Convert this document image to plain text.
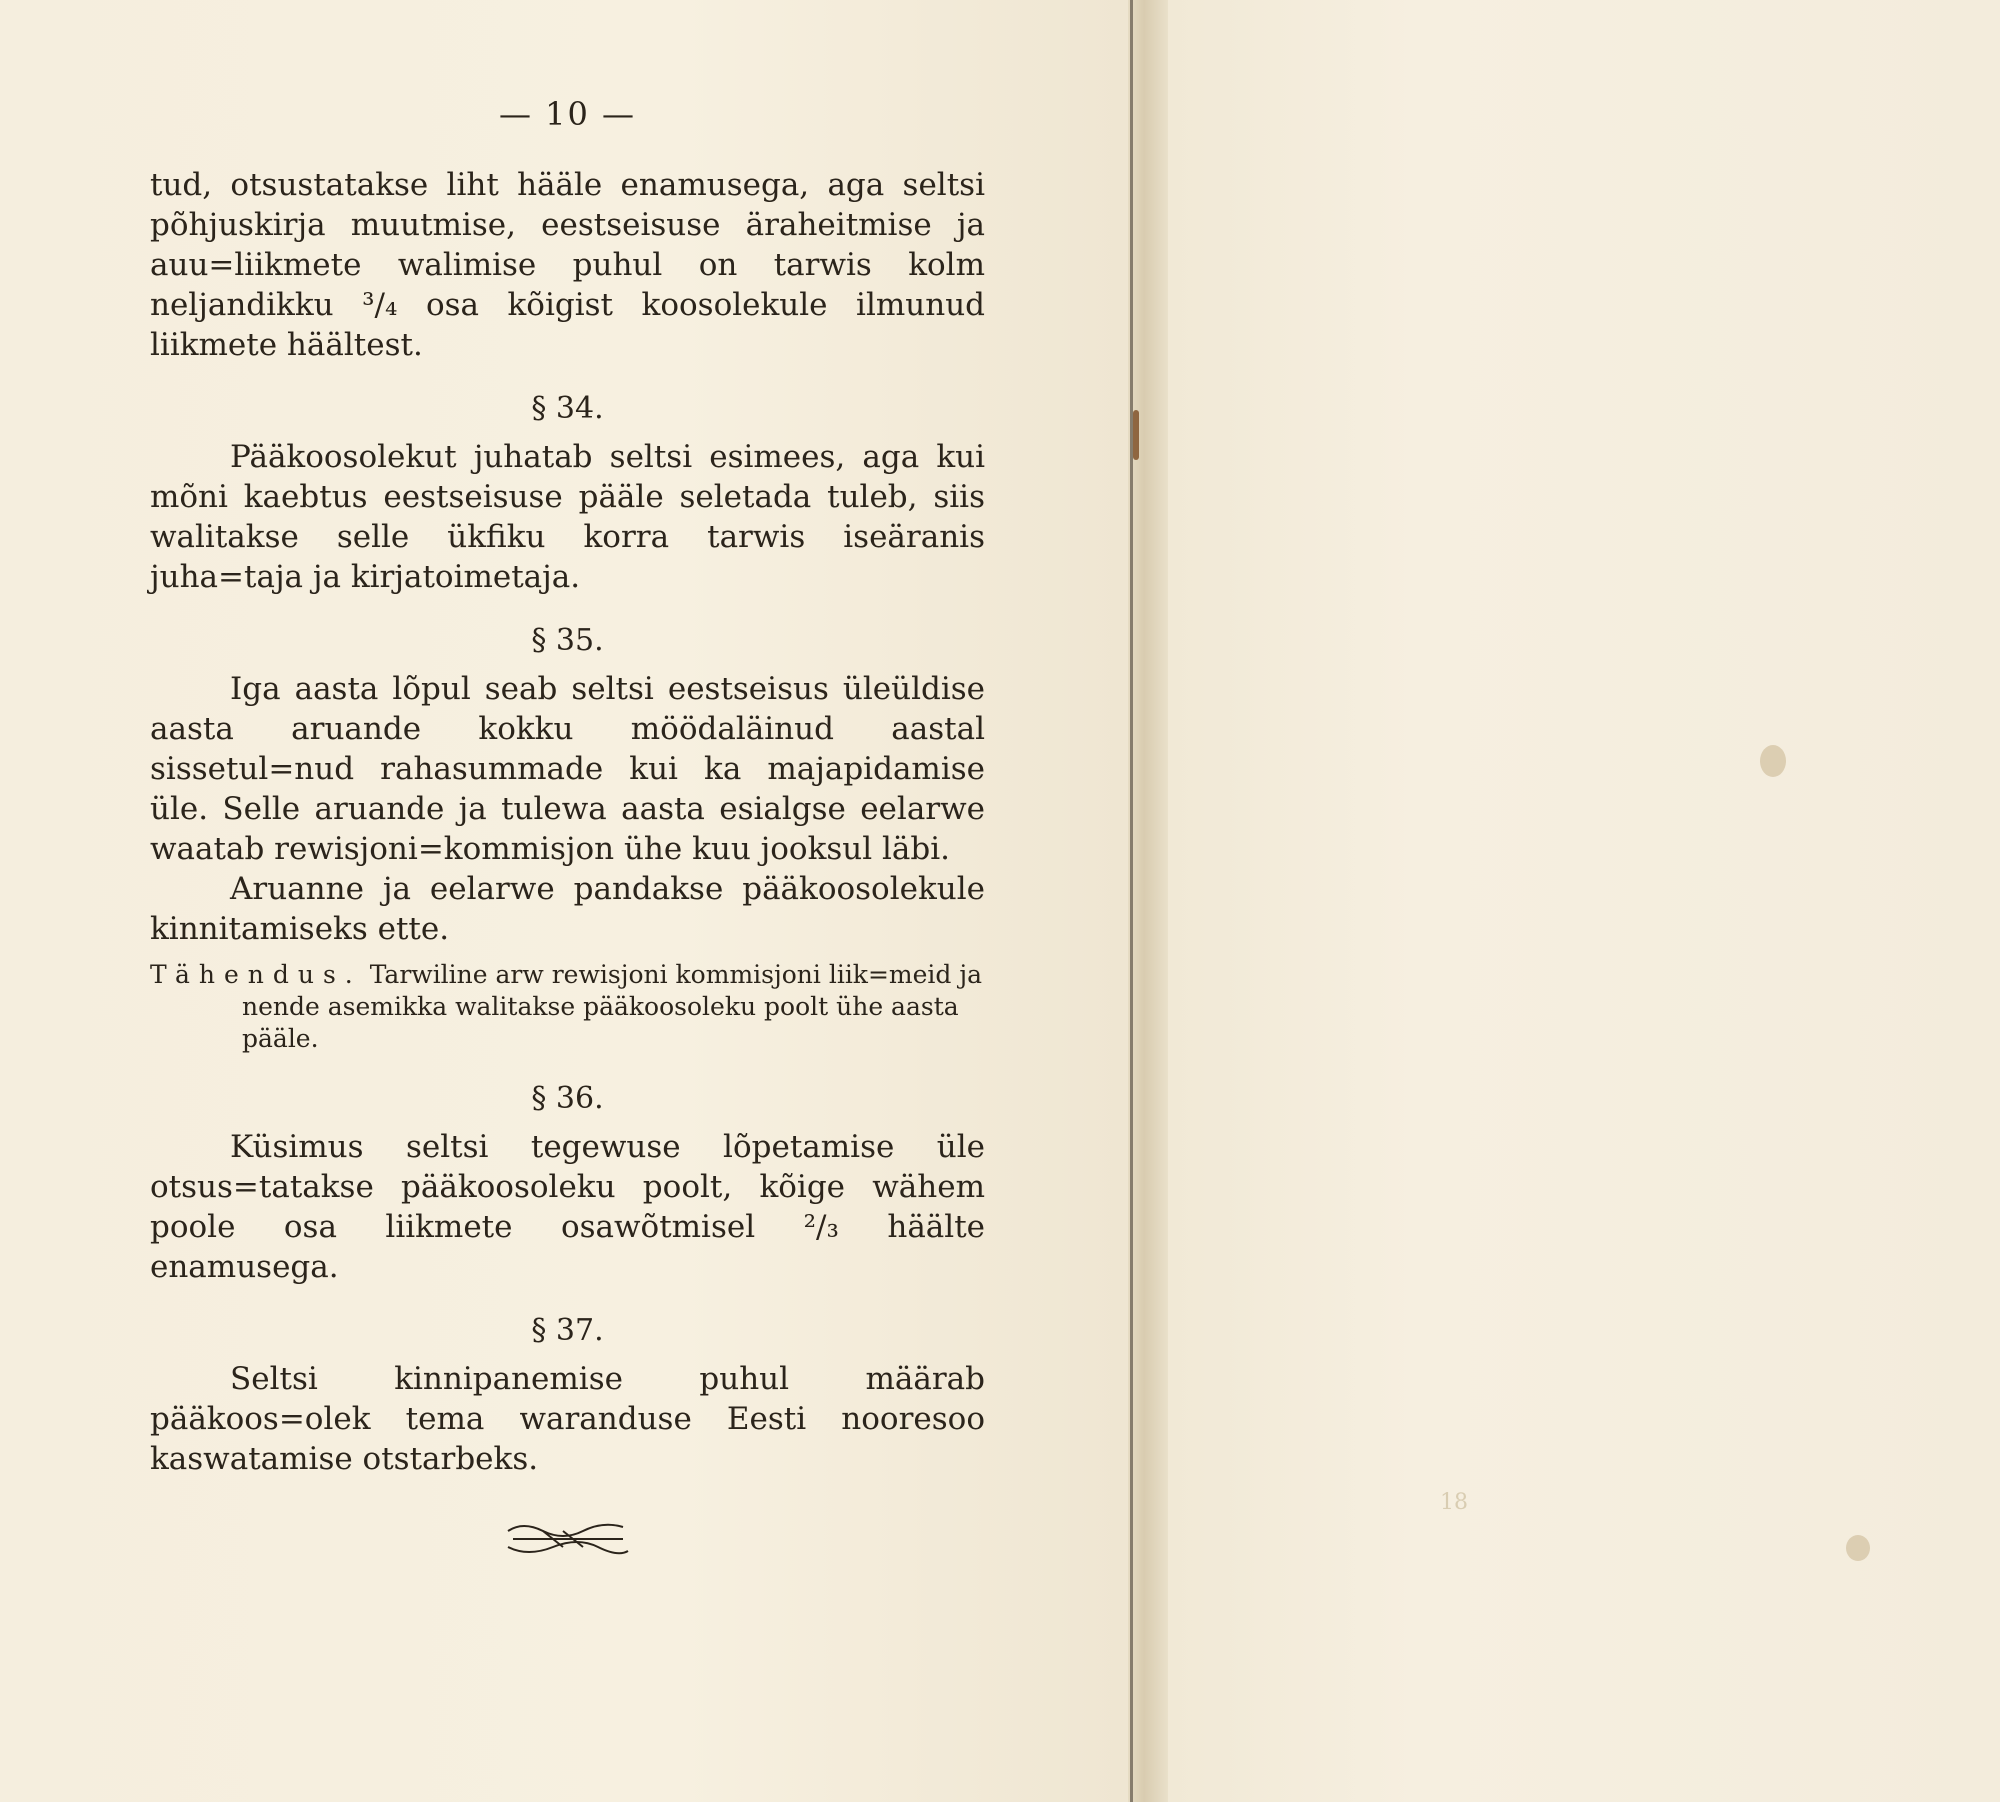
— 10 —

tud, otsustatakse liht hääle enamusega, aga seltsi põhjuskirja muutmise, eestseisuse äraheitmise ja auu=liikmete walimise puhul on tarwis kolm neljandikku ³/₄ osa kõigist koosolekule ilmunud liikmete häältest.

§ 34.

Pääkoosolekut juhatab seltsi esimees, aga kui mõni kaebtus eestseisuse pääle seletada tuleb, siis walitakse selle ükfiku korra tarwis iseäranis juha=taja ja kirjatoimetaja.

§ 35.

Iga aasta lõpul seab seltsi eestseisus üleüldise aasta aruande kokku möödaläinud aastal sissetul=nud rahasummade kui ka majapidamise üle. Selle aruande ja tulewa aasta esialgse eelarwe waatab rewisjoni=kommisjon ühe kuu jooksul läbi.

Aruanne ja eelarwe pandakse pääkoosolekule kinnitamiseks ette.

Tähendus. Tarwiline arw rewisjoni kommisjoni liik=meid ja nende asemikka walitakse pääkoosoleku poolt ühe aasta pääle.

§ 36.

Küsimus seltsi tegewuse lõpetamise üle otsus=tatakse pääkoosoleku poolt, kõige wähem poole osa liikmete osawõtmisel ²/₃ häälte enamusega.

§ 37.

Seltsi kinnipanemise puhul määrab pääkoos=olek tema waranduse Eesti nooresoo kaswatamise otstarbeks.

18
